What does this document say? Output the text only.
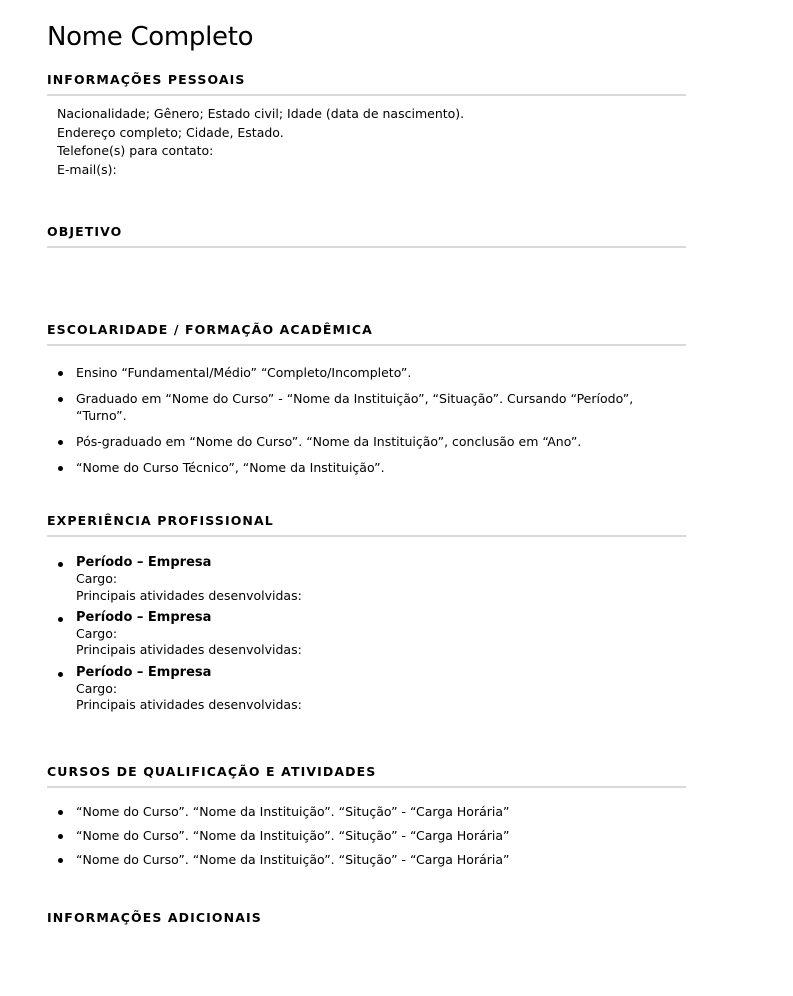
Nome Completo
INFORMAÇÕES PESSOAIS
Nacionalidade; Gênero; Estado civil; Idade (data de nascimento).
Endereço completo; Cidade, Estado.
Telefone(s) para contato:
E-mail(s):
OBJETIVO
ESCOLARIDADE / FORMAÇÃO ACADÊMICA
Ensino “Fundamental/Médio” “Completo/Incompleto”.
Graduado em “Nome do Curso” - “Nome da Instituição”, “Situação”. Cursando “Período”, “Turno”.
Pós-graduado em “Nome do Curso”. “Nome da Instituição”, conclusão em “Ano”.
“Nome do Curso Técnico”, “Nome da Instituição”.
EXPERIÊNCIA PROFISSIONAL
Período – Empresa
Cargo:
Principais atividades desenvolvidas:
Período – Empresa
Cargo:
Principais atividades desenvolvidas:
Período – Empresa
Cargo:
Principais atividades desenvolvidas:
CURSOS DE QUALIFICAÇÃO E ATIVIDADES
“Nome do Curso”. “Nome da Instituição”. “Situção” - “Carga Horária”
“Nome do Curso”. “Nome da Instituição”. “Situção” - “Carga Horária”
“Nome do Curso”. “Nome da Instituição”. “Situção” - “Carga Horária”
INFORMAÇÕES ADICIONAIS
